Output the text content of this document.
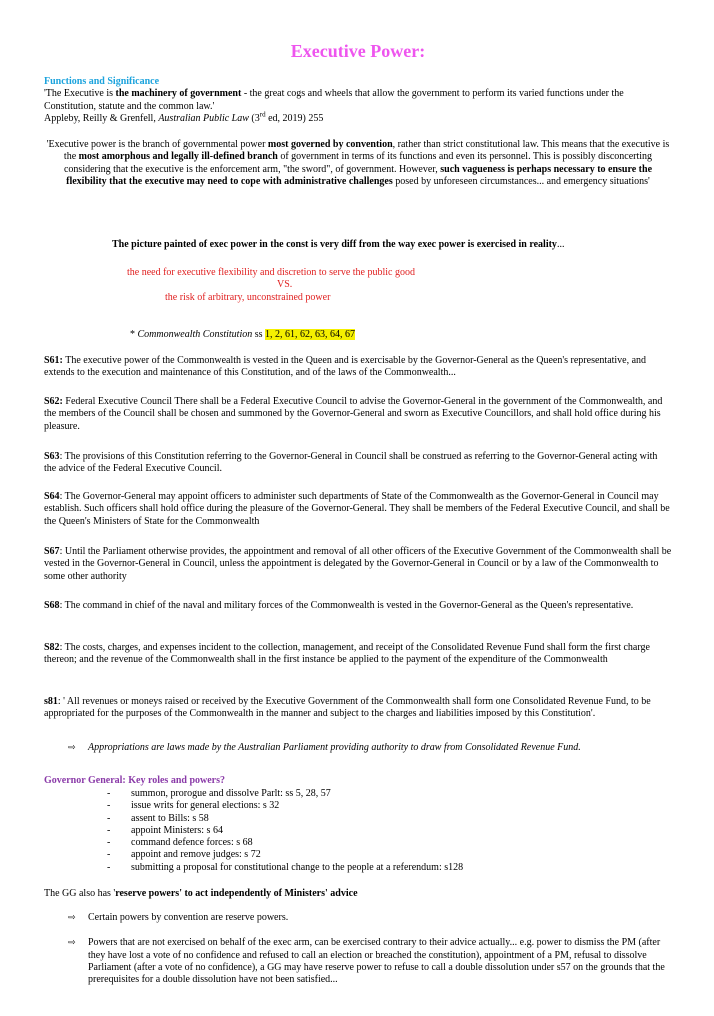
Executive Power:
Functions and Significance
'The Executive is the machinery of government - the great cogs and wheels that allow the government to perform its varied functions under the Constitution, statute and the common law.'
Appleby, Reilly & Grenfell, Australian Public Law (3rd ed, 2019) 255
'Executive power is the branch of governmental power most governed by convention, rather than strict constitutional law. This means that the executive is the most amorphous and legally ill-defined branch of government in terms of its functions and even its personnel. This is possibly disconcerting considering that the executive is the enforcement arm, "the sword", of government. However, such vagueness is perhaps necessary to ensure the flexibility that the executive may need to cope with administrative challenges posed by unforeseen circumstances... and emergency situations'
The picture painted of exec power in the const is very diff from the way exec power is exercised in reality...
the need for executive flexibility and discretion to serve the public good
VS.
the risk of arbitrary, unconstrained power
* Commonwealth Constitution ss 1, 2, 61, 62, 63, 64, 67
S61: The executive power of the Commonwealth is vested in the Queen and is exercisable by the Governor-General as the Queen's representative, and extends to the execution and maintenance of this Constitution, and of the laws of the Commonwealth...
S62: Federal Executive Council There shall be a Federal Executive Council to advise the Governor-General in the government of the Commonwealth, and the members of the Council shall be chosen and summoned by the Governor-General and sworn as Executive Councillors, and shall hold office during his pleasure.
S63: The provisions of this Constitution referring to the Governor-General in Council shall be construed as referring to the Governor-General acting with the advice of the Federal Executive Council.
S64: The Governor-General may appoint officers to administer such departments of State of the Commonwealth as the Governor-General in Council may establish. Such officers shall hold office during the pleasure of the Governor-General. They shall be members of the Federal Executive Council, and shall be the Queen's Ministers of State for the Commonwealth
S67: Until the Parliament otherwise provides, the appointment and removal of all other officers of the Executive Government of the Commonwealth shall be vested in the Governor-General in Council, unless the appointment is delegated by the Governor-General in Council or by a law of the Commonwealth to some other authority
S68: The command in chief of the naval and military forces of the Commonwealth is vested in the Governor-General as the Queen's representative.
S82: The costs, charges, and expenses incident to the collection, management, and receipt of the Consolidated Revenue Fund shall form the first charge thereon; and the revenue of the Commonwealth shall in the first instance be applied to the payment of the expenditure of the Commonwealth
s81: ' All revenues or moneys raised or received by the Executive Government of the Commonwealth shall form one Consolidated Revenue Fund, to be appropriated for the purposes of the Commonwealth in the manner and subject to the charges and liabilities imposed by this Constitution'.
⇨	Appropriations are laws made by the Australian Parliament providing authority to draw from Consolidated Revenue Fund.
Governor General: Key roles and powers?
- summon, prorogue and dissolve Parlt: ss 5, 28, 57
- issue writs for general elections: s 32
- assent to Bills: s 58
- appoint Ministers: s 64
- command defence forces: s 68
- appoint and remove judges: s 72
- submitting a proposal for constitutional change to the people at a referendum: s128
The GG also has 'reserve powers' to act independently of Ministers' advice
⇨	Certain powers by convention are reserve powers.
⇨	Powers that are not exercised on behalf of the exec arm, can be exercised contrary to their advice actually... e.g. power to dismiss the PM (after they have lost a vote of no confidence and refused to call an election or breached the constitution), appointment of a PM, refusal to dissolve Parliament (after a vote of no confidence), a GG may have reserve power to refuse to call a double dissolution under s57 on the grounds that the prerequisites for a double dissolution have not been satisfied...
